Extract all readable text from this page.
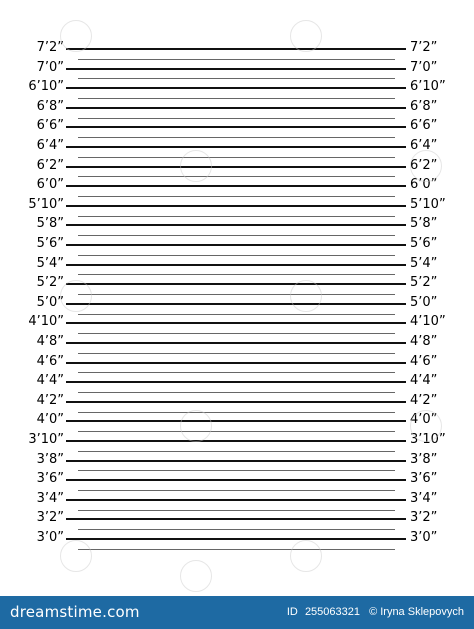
7’2”	7’2”
7’0”	7’0”
6’10”	6’10”
6’8”	6’8”
6’6”	6’6”
6’4”	6’4”
6’2”	6’2”
6’0”	6’0”
5’10”	5’10”
5’8”	5’8”
5’6”	5’6”
5’4”	5’4”
5’2”	5’2”
5’0”	5’0”
4’10”	4’10”
4’8”	4’8”
4’6”	4’6”
4’4”	4’4”
4’2”	4’2”
4’0”	4’0”
3’10”	3’10”
3’8”	3’8”
3’6”	3’6”
3’4”	3’4”
3’2”	3’2”
3’0”	3’0”
dreamstime.com	ID 255063321 © Iryna Sklepovych
